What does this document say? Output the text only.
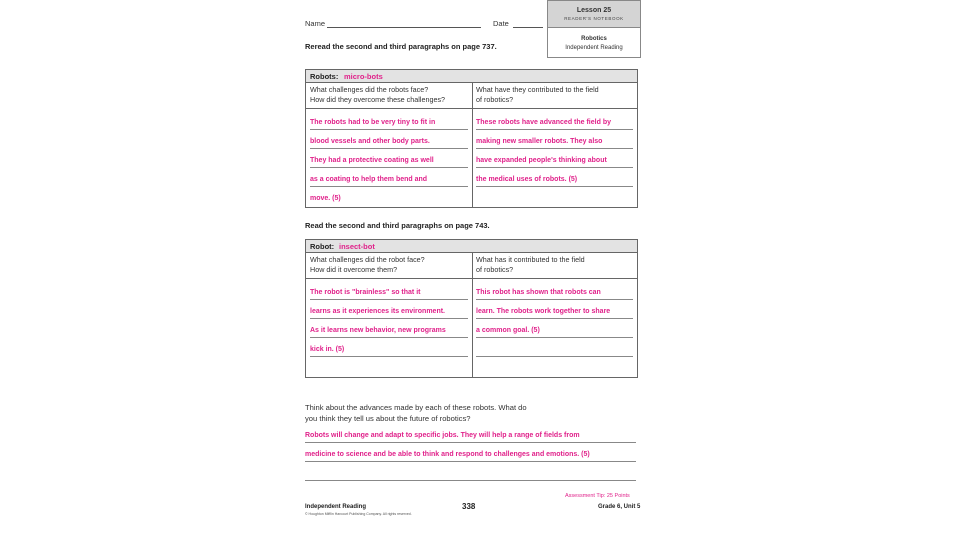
Name	Date
Lesson 25
READER'S NOTEBOOK
Robotics
Independent Reading
Reread the second and third paragraphs on page 737.
Robots: micro-bots
What challenges did the robots face?
How did they overcome these challenges?
What have they contributed to the field
of robotics?
The robots had to be very tiny to fit in
blood vessels and other body parts.
They had a protective coating as well
as a coating to help them bend and
move. (5)
These robots have advanced the field by
making new smaller robots. They also
have expanded people's thinking about
the medical uses of robots. (5)
Read the second and third paragraphs on page 743.
Robot: insect-bot
What challenges did the robot face?
How did it overcome them?
What has it contributed to the field
of robotics?
The robot is "brainless" so that it
learns as it experiences its environment.
As it learns new behavior, new programs
kick in. (5)
This robot has shown that robots can
learn. The robots work together to share
a common goal. (5)
Think about the advances made by each of these robots. What do
you think they tell us about the future of robotics?
Robots will change and adapt to specific jobs. They will help a range of fields from
medicine to science and be able to think and respond to challenges and emotions. (5)
Independent Reading
© Houghton Mifflin Harcourt Publishing Company. All rights reserved.
338
Assessment Tip: 25 Points
Grade 6, Unit 5
